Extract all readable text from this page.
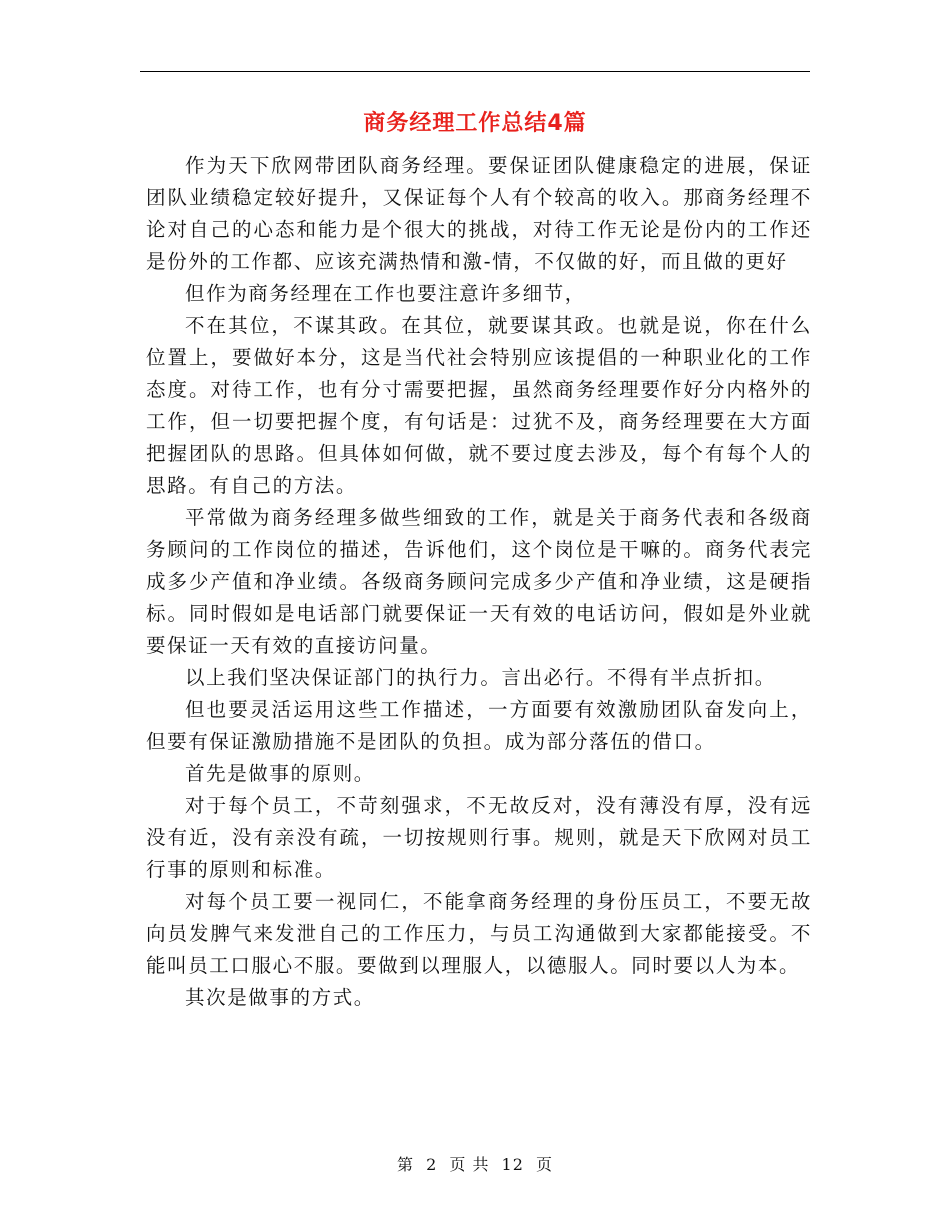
商务经理工作总结4篇

作为天下欣网带团队商务经理。要保证团队健康稳定的进展，保证团队业绩稳定较好提升，又保证每个人有个较高的收入。那商务经理不论对自己的心态和能力是个很大的挑战，对待工作无论是份内的工作还是份外的工作都、应该充满热情和激-情，不仅做的好，而且做的更好

但作为商务经理在工作也要注意许多细节，

不在其位，不谋其政。在其位，就要谋其政。也就是说，你在什么位置上，要做好本分，这是当代社会特别应该提倡的一种职业化的工作态度。对待工作，也有分寸需要把握，虽然商务经理要作好分内格外的工作，但一切要把握个度，有句话是：过犹不及，商务经理要在大方面把握团队的思路。但具体如何做，就不要过度去涉及，每个有每个人的思路。有自己的方法。

平常做为商务经理多做些细致的工作，就是关于商务代表和各级商务顾问的工作岗位的描述，告诉他们，这个岗位是干嘛的。商务代表完成多少产值和净业绩。各级商务顾问完成多少产值和净业绩，这是硬指标。同时假如是电话部门就要保证一天有效的电话访问，假如是外业就要保证一天有效的直接访问量。

以上我们坚决保证部门的执行力。言出必行。不得有半点折扣。

但也要灵活运用这些工作描述，一方面要有效激励团队奋发向上，但要有保证激励措施不是团队的负担。成为部分落伍的借口。

首先是做事的原则。

对于每个员工，不苛刻强求，不无故反对，没有薄没有厚，没有远没有近，没有亲没有疏，一切按规则行事。规则，就是天下欣网对员工行事的原则和标准。

对每个员工要一视同仁，不能拿商务经理的身份压员工，不要无故向员发脾气来发泄自己的工作压力，与员工沟通做到大家都能接受。不能叫员工口服心不服。要做到以理服人，以德服人。同时要以人为本。

其次是做事的方式。

第 2 页 共 12 页
